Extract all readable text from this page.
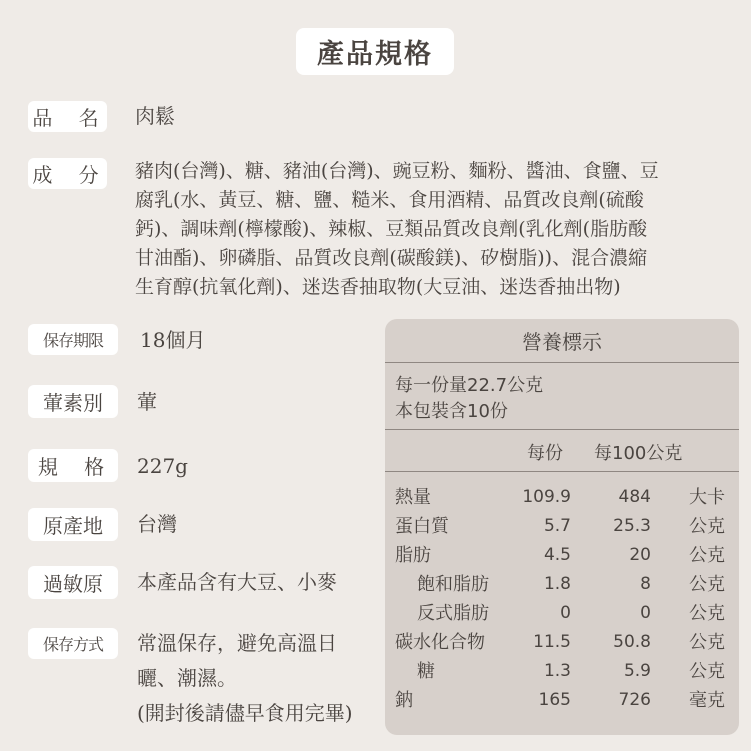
產品規格
品 名 肉鬆
成 分 豬肉(台灣)、糖、豬油(台灣)、豌豆粉、麵粉、醬油、食鹽、豆
腐乳(水、黃豆、糖、鹽、糙米、食用酒精、品質改良劑(硫酸
鈣)、調味劑(檸檬酸)、辣椒、豆類品質改良劑(乳化劑(脂肪酸
甘油酯)、卵磷脂、品質改良劑(碳酸鎂)、矽樹脂))、混合濃縮
生育醇(抗氧化劑)、迷迭香抽取物(大豆油、迷迭香抽出物)
保存期限	18個月
葷素別	葷
規 格 227g
原產地	台灣
過敏原	本產品含有大豆、小麥
保存方式	常溫保存，避免高溫日
曬、潮濕。
(開封後請儘早食用完畢)
營養標示
每一份量22.7公克
本包裝含10份
每份 每100公克
熱量	109.9	484 大卡
蛋白質	5.7 25.3 公克
脂肪	4.5	20 公克
飽和脂肪	1.8	8 公克
反式脂肪	0	0 公克
碳水化合物	11.5 50.8 公克
糖	1.3	5.9 公克
鈉	165	726 毫克
